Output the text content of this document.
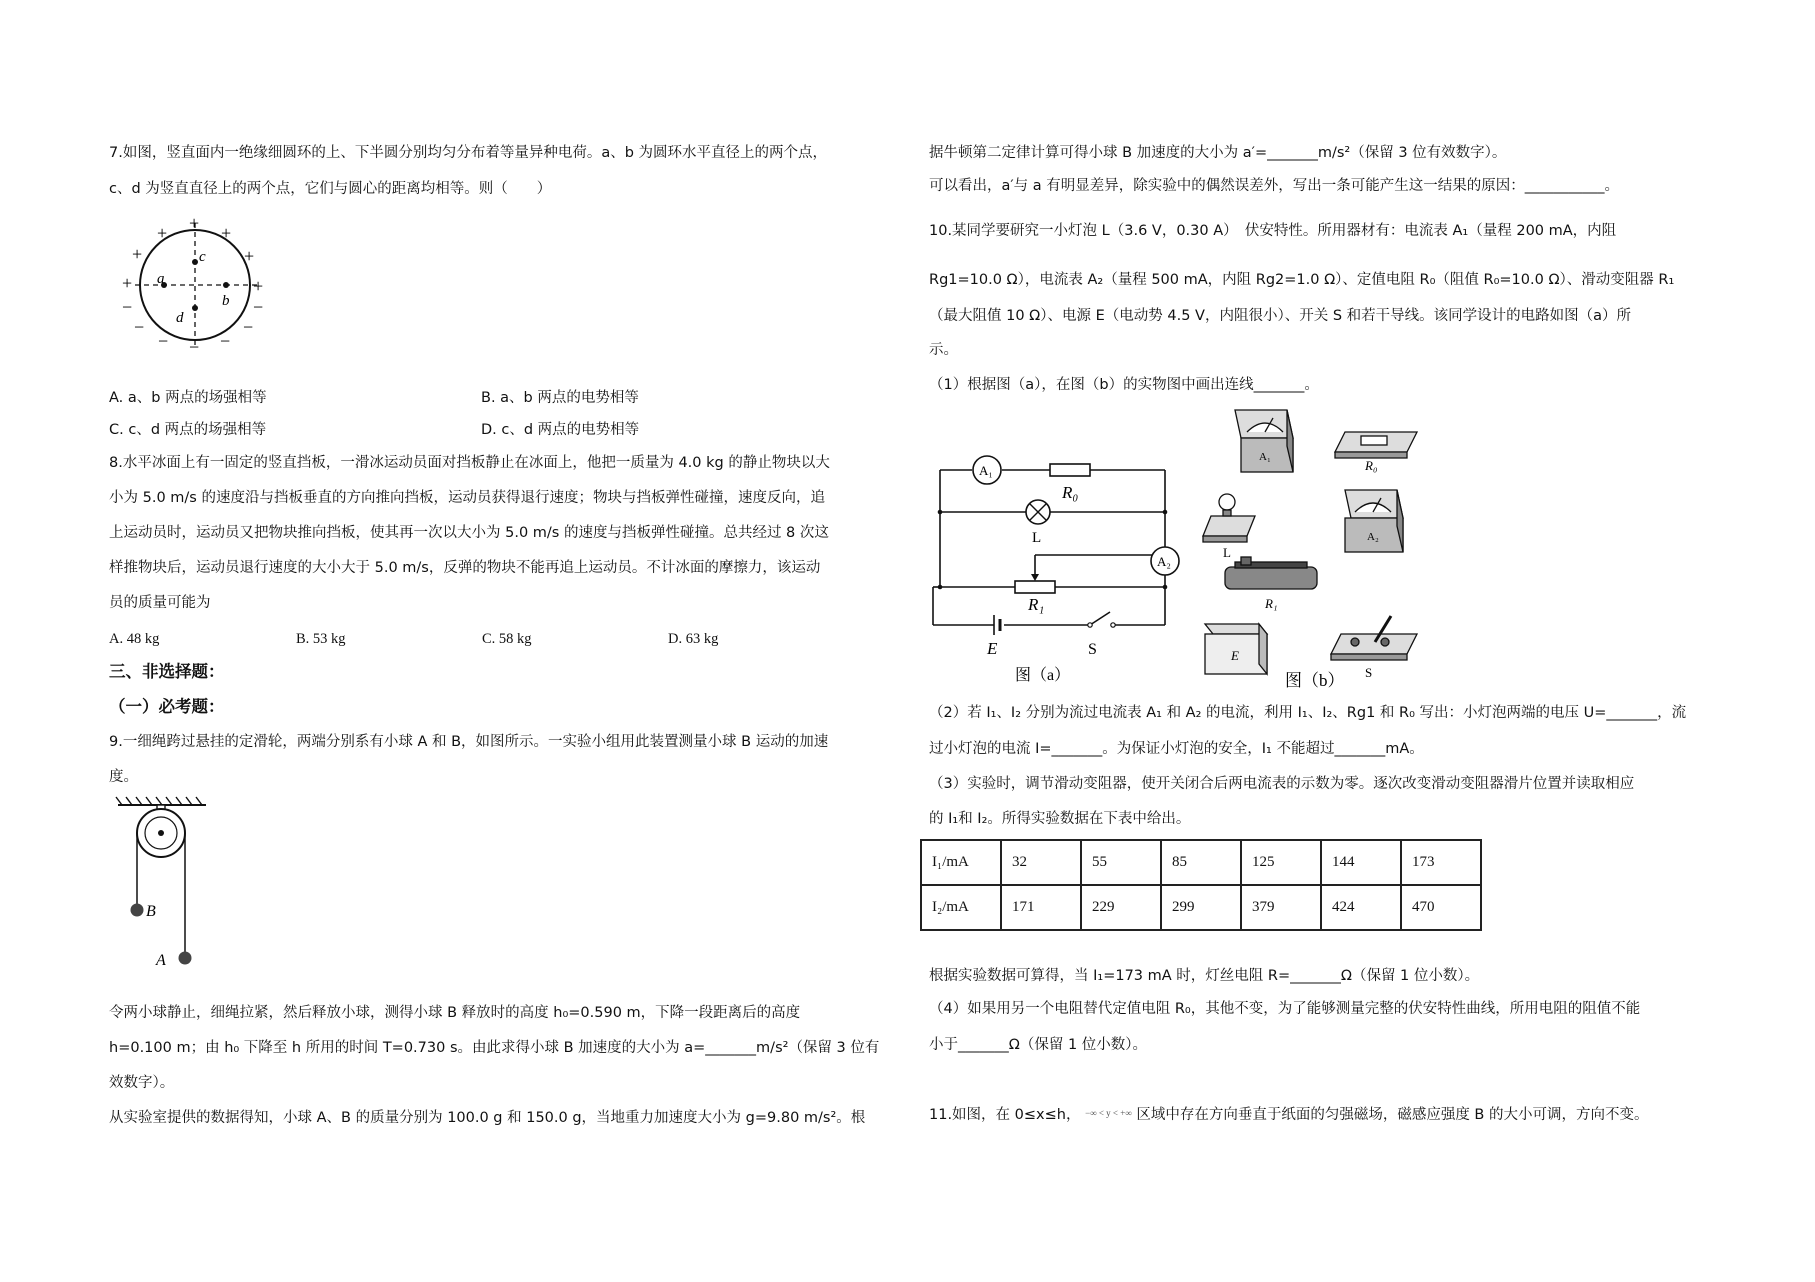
7.如图，竖直面内一绝缘细圆环的上、下半圆分别均匀分布着等量异种电荷。a、b 为圆环水平直径上的两个点，
c、d 为竖直直径上的两个点，它们与圆心的距离均相等。则（　　）
a
b
c
d
+
+	+
+	+
+	+
−	−
−	−
−	−
−
A. a、b 两点的场强相等	B. a、b 两点的电势相等
C. c、d 两点的场强相等	D. c、d 两点的电势相等
8.水平冰面上有一固定的竖直挡板，一滑冰运动员面对挡板静止在冰面上，他把一质量为 4.0 kg 的静止物块以大
小为 5.0 m/s 的速度沿与挡板垂直的方向推向挡板，运动员获得退行速度；物块与挡板弹性碰撞，速度反向，追
上运动员时，运动员又把物块推向挡板，使其再一次以大小为 5.0 m/s 的速度与挡板弹性碰撞。总共经过 8 次这
样推物块后，运动员退行速度的大小大于 5.0 m/s，反弹的物块不能再追上运动员。不计冰面的摩擦力，该运动
员的质量可能为
A. 48 kg	B. 53 kg	C. 58 kg	D. 63 kg
三、非选择题：
（一）必考题：
9.一细绳跨过悬挂的定滑轮，两端分别系有小球 A 和 B，如图所示。一实验小组用此装置测量小球 B 运动的加速
度。
B
A
令两小球静止，细绳拉紧，然后释放小球，测得小球 B 释放时的高度 h₀=0.590 m，下降一段距离后的高度
h=0.100 m；由 h₀ 下降至 h 所用的时间 T=0.730 s。由此求得小球 B 加速度的大小为 a=_______m/s²（保留 3 位有
效数字）。
从实验室提供的数据得知，小球 A、B 的质量分别为 100.0 g 和 150.0 g，当地重力加速度大小为 g=9.80 m/s²。根
据牛顿第二定律计算可得小球 B 加速度的大小为 a′=_______m/s²（保留 3 位有效数字）。
可以看出，a′与 a 有明显差异，除实验中的偶然误差外，写出一条可能产生这一结果的原因：___________。
10.某同学要研究一小灯泡 L（3.6 V，0.30 A）　伏安特性。所用器材有：电流表 A₁（量程 200 mA，内阻
Rg1=10.0 Ω），电流表 A₂（量程 500 mA，内阻 Rg2=1.0 Ω）、定值电阻 R₀（阻值 R₀=10.0 Ω）、滑动变阻器 R₁
（最大阻值 10 Ω）、电源 E（电动势 4.5 V，内阻很小）、开关 S 和若干导线。该同学设计的电路如图（a）所
示。
（1）根据图（a），在图（b）的实物图中画出连线_______。
A₁
A₂
R₀
L
R₁
E	S
图（a）
A₁
R₀
L
A₂
R₁
E
S
图（b）
（2）若 I₁、I₂ 分别为流过电流表 A₁ 和 A₂ 的电流，利用 I₁、I₂、Rg1 和 R₀ 写出：小灯泡两端的电压 U=_______，流
过小灯泡的电流 I=_______。为保证小灯泡的安全，I₁ 不能超过_______mA。
（3）实验时，调节滑动变阻器，使开关闭合后两电流表的示数为零。逐次改变滑动变阻器滑片位置并读取相应
的 I₁和 I₂。所得实验数据在下表中给出。
I₁/mA	32	55	85	125	144	173
I₂/mA	171	229	299	379	424	470
根据实验数据可算得，当 I₁=173 mA 时，灯丝电阻 R=_______Ω（保留 1 位小数）。
（4）如果用另一个电阻替代定值电阻 R₀，其他不变，为了能够测量完整的伏安特性曲线，所用电阻的阻值不能
小于_______Ω（保留 1 位小数）。
11.如图，在 0≤x≤h， $^{-\infty < y < +\infty}$ 区域中存在方向垂直于纸面的匀强磁场，磁感应强度 B 的大小可调，方向不变。
